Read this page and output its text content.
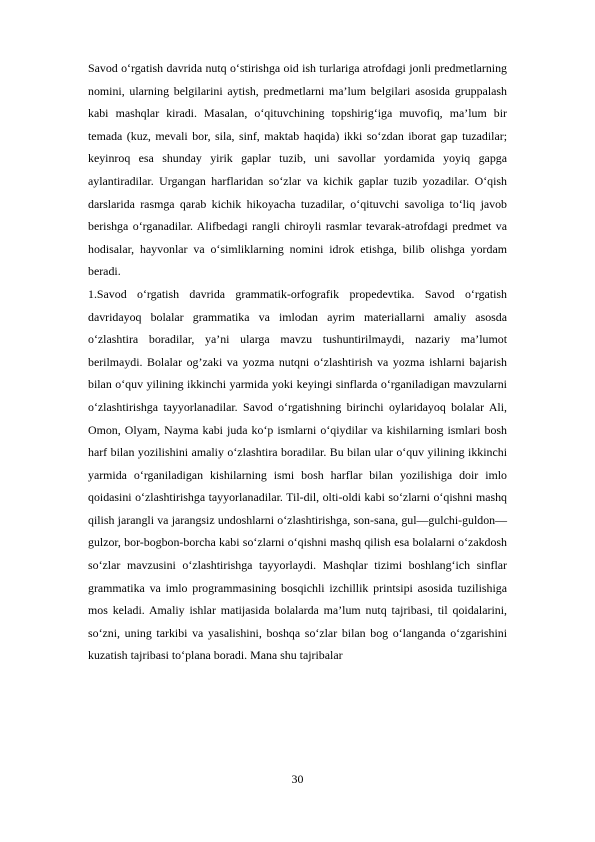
Savod o‘rgatish davrida nutq o‘stirishga oid ish turlariga atrofdagi jonli predmetlarning nomini, ularning belgilarini aytish, predmetlarni ma’lum belgilari asosida gruppalash kabi mashqlar kiradi. Masalan, o‘qituvchining topshirig‘iga muvofiq, ma’lum bir temada (kuz, mevali bor, sila, sinf, maktab haqida) ikki so‘zdan iborat gap tuzadilar; keyinroq esa shunday yirik gaplar tuzib, uni savollar yordamida yoyiq gapga aylantiradilar. Urgangan harflaridan so‘zlar va kichik gaplar tuzib yozadilar. O‘qish darslarida rasmga qarab kichik hikoyacha tuzadilar, o‘qituvchi savoliga to‘liq javob berishga o‘rganadilar. Alifbedagi rangli chiroyli rasmlar tevarak-atrofdagi predmet va hodisalar, hayvonlar va o‘simliklarning nomini idrok etishga, bilib olishga yordam beradi.

1.Savod o‘rgatish davrida grammatik-orfografik propedevtika. Savod o‘rgatish davridayoq bolalar grammatika va imlodan ayrim materiallarni amaliy asosda o‘zlashtira boradilar, ya’ni ularga mavzu tushuntirilmaydi, nazariy ma’lumot berilmaydi. Bolalar og’zaki va yozma nutqni o‘zlashtirish va yozma ishlarni bajarish bilan o‘quv yilining ikkinchi yarmida yoki keyingi sinflarda o‘rganiladigan mavzularni o‘zlashtirishga tayyorlanadilar. Savod o‘rgatishning birinchi oylaridayoq bolalar Ali, Omon, Olyam, Nayma kabi juda ko‘p ismlarni o‘qiydilar va kishilarning ismlari bosh harf bilan yozilishini amaliy o‘zlashtira boradilar. Bu bilan ular o‘quv yilining ikkinchi yarmida o‘rganiladigan kishilarning ismi bosh harflar bilan yozilishiga doir imlo qoidasini o‘zlashtirishga tayyorlanadilar. Til-dil, olti-oldi kabi so‘zlarni o‘qishni mashq qilish jarangli va jarangsiz undoshlarni o‘zlashtirishga, son-sana, gul—gulchi-guldon—gulzor, bor-bogbon-borcha kabi so‘zlarni o‘qishni mashq qilish esa bolalarni o‘zakdosh so‘zlar mavzusini o‘zlashtirishga tayyorlaydi. Mashqlar tizimi boshlang‘ich sinflar grammatika va imlo programmasining bosqichli izchillik printsipi asosida tuzilishiga mos keladi. Amaliy ishlar matijasida bolalarda ma’lum nutq tajribasi, til qoidalarini, so‘zni, uning tarkibi va yasalishini, boshqa so‘zlar bilan bog o‘langanda o‘zgarishini kuzatish tajribasi to‘plana boradi. Mana shu tajribalar

30
